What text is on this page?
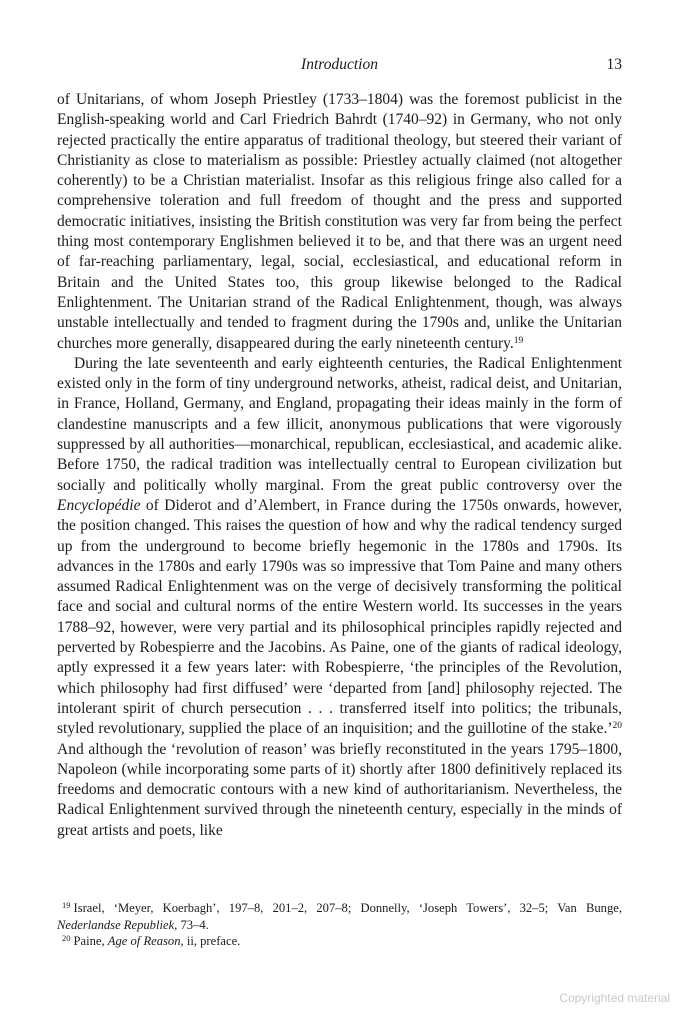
Introduction	13

of Unitarians, of whom Joseph Priestley (1733–1804) was the foremost publicist in the English-speaking world and Carl Friedrich Bahrdt (1740–92) in Germany, who not only rejected practically the entire apparatus of traditional theology, but steered their variant of Christianity as close to materialism as possible: Priestley actually claimed (not altogether coherently) to be a Christian materialist. Insofar as this religious fringe also called for a comprehensive toleration and full freedom of thought and the press and supported democratic initiatives, insisting the British constitution was very far from being the perfect thing most contemporary Englishmen believed it to be, and that there was an urgent need of far-reaching parliamentary, legal, social, ecclesiastical, and educational reform in Britain and the United States too, this group likewise belonged to the Radical Enlightenment. The Unitarian strand of the Radical Enlightenment, though, was always unstable intellectually and tended to fragment during the 1790s and, unlike the Unitarian churches more generally, disappeared during the early nineteenth century.$^{19}$

During the late seventeenth and early eighteenth centuries, the Radical Enlightenment existed only in the form of tiny underground networks, atheist, radical deist, and Unitarian, in France, Holland, Germany, and England, propagating their ideas mainly in the form of clandestine manuscripts and a few illicit, anonymous publications that were vigorously suppressed by all authorities—monarchical, republican, ecclesiastical, and academic alike. Before 1750, the radical tradition was intellectually central to European civilization but socially and politically wholly marginal. From the great public controversy over the Encyclopédie of Diderot and d’Alembert, in France during the 1750s onwards, however, the position changed. This raises the question of how and why the radical tendency surged up from the underground to become briefly hegemonic in the 1780s and 1790s. Its advances in the 1780s and early 1790s was so impressive that Tom Paine and many others assumed Radical Enlightenment was on the verge of decisively transforming the political face and social and cultural norms of the entire Western world. Its successes in the years 1788–92, however, were very partial and its philosophical principles rapidly rejected and perverted by Robespierre and the Jacobins. As Paine, one of the giants of radical ideology, aptly expressed it a few years later: with Robespierre, ‘the principles of the Revolution, which philosophy had first diffused’ were ‘departed from [and] philosophy rejected. The intolerant spirit of church persecution . . . transferred itself into politics; the tribunals, styled revolutionary, supplied the place of an inquisition; and the guillotine of the stake.’$^{20}$ And although the ‘revolution of reason’ was briefly reconstituted in the years 1795–1800, Napoleon (while incorporating some parts of it) shortly after 1800 definitively replaced its freedoms and democratic contours with a new kind of authoritarianism. Nevertheless, the Radical Enlightenment survived through the nineteenth century, especially in the minds of great artists and poets, like

$^{19}$ Israel, ‘Meyer, Koerbagh’, 197–8, 201–2, 207–8; Donnelly, ‘Joseph Towers’, 32–5; Van Bunge, Nederlandse Republiek, 73–4.

$^{20}$ Paine, Age of Reason, ii, preface.

Copyrighted material
